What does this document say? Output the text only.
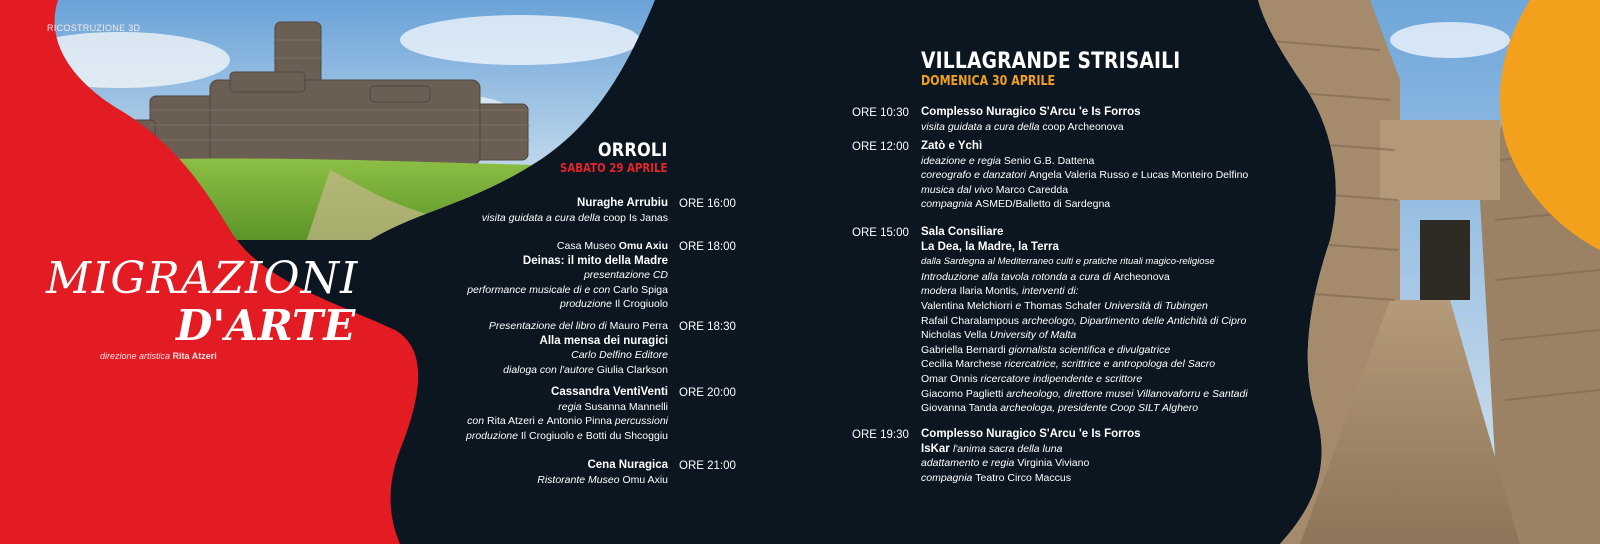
RICOSTRUZIONE 3D
MIGRAZIONI
D'ARTE
direzione artistica Rita Atzeri
ORROLI
SABATO 29 APRILE
ORE 16:00
Nuraghe Arrubiu
visita guidata a cura della coop Is Janas
ORE 18:00
Casa Museo Omu Axiu
Deinas: il mito della Madre
presentazione CD
performance musicale di e con Carlo Spiga
produzione Il Crogiuolo
ORE 18:30
Presentazione del libro di Mauro Perra
Alla mensa dei nuragici
Carlo Delfino Editore
dialoga con l'autore Giulia Clarkson
ORE 20:00
Cassandra VentiVenti
regia Susanna Mannelli
con Rita Atzeri e Antonio Pinna percussioni
produzione Il Crogiuolo e Botti du Shcoggiu
ORE 21:00
Cena Nuragica
Ristorante Museo Omu Axiu
VILLAGRANDE STRISAILI
DOMENICA 30 APRILE
ORE 10:30 Complesso Nuragico S'Arcu 'e Is Forros
visita guidata a cura della coop Archeonova
ORE 12:00 Zatò e Ychì
ideazione e regia Senio G.B. Dattena
coreografo e danzatori Angela Valeria Russo e Lucas Monteiro Delfino
musica dal vivo Marco Caredda
compagnia ASMED/Balletto di Sardegna
ORE 15:00 Sala Consiliare
La Dea, la Madre, la Terra
dalla Sardegna al Mediterraneo culti e pratiche rituali magico-religiose
Introduzione alla tavola rotonda a cura di Archeonova
modera Ilaria Montis, interventi di:
Valentina Melchiorri e Thomas Schafer Università di Tubingen
Rafail Charalampous archeologo, Dipartimento delle Antichità di Cipro
Nicholas Vella University of Malta
Gabriella Bernardi giornalista scientifica e divulgatrice
Cecilia Marchese ricercatrice, scrittrice e antropologa del Sacro
Omar Onnis ricercatore indipendente e scrittore
Giacomo Paglietti archeologo, direttore musei Villanovaforru e Santadi
Giovanna Tanda archeologa, presidente Coop SILT Alghero
ORE 19:30 Complesso Nuragico S'Arcu 'e Is Forros
IsKar l'anima sacra della luna
adattamento e regia Virginia Viviano
compagnia Teatro Circo Maccus
